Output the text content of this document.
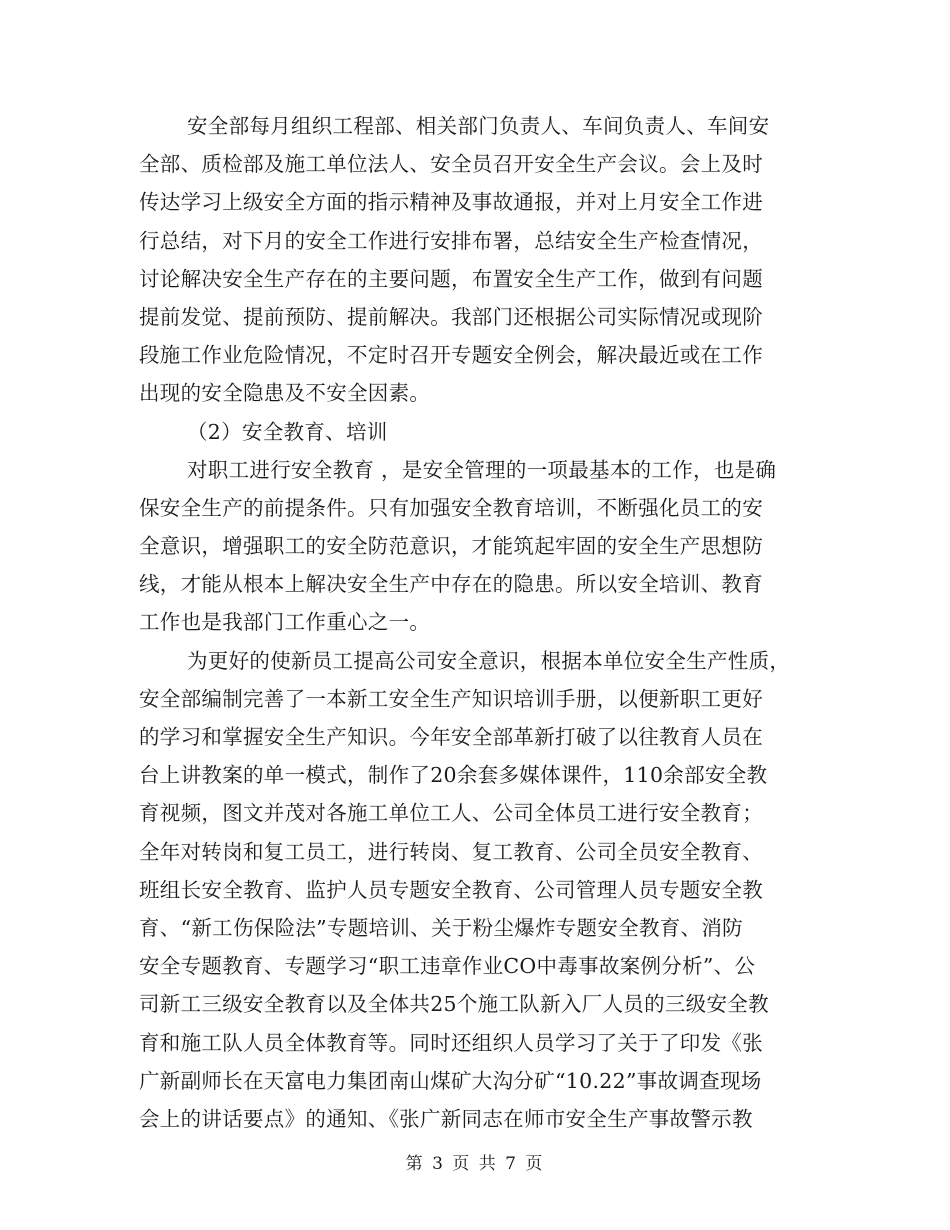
安全部每月组织工程部、相关部门负责人、车间负责人、车间安
全部、质检部及施工单位法人、安全员召开安全生产会议。会上及时
传达学习上级安全方面的指示精神及事故通报，并对上月安全工作进
行总结，对下月的安全工作进行安排布署，总结安全生产检查情况，
讨论解决安全生产存在的主要问题，布置安全生产工作，做到有问题
提前发觉、提前预防、提前解决。我部门还根据公司实际情况或现阶
段施工作业危险情况，不定时召开专题安全例会，解决最近或在工作
出现的安全隐患及不安全因素。
（2）安全教育、培训
对职工进行安全教育 ，是安全管理的一项最基本的工作，也是确
保安全生产的前提条件。只有加强安全教育培训，不断强化员工的安
全意识，增强职工的安全防范意识，才能筑起牢固的安全生产思想防
线，才能从根本上解决安全生产中存在的隐患。所以安全培训、教育
工作也是我部门工作重心之一。
为更好的使新员工提高公司安全意识，根据本单位安全生产性质，
安全部编制完善了一本新工安全生产知识培训手册，以便新职工更好
的学习和掌握安全生产知识。今年安全部革新打破了以往教育人员在
台上讲教案的单一模式，制作了20余套多媒体课件，110余部安全教
育视频，图文并茂对各施工单位工人、公司全体员工进行安全教育；
全年对转岗和复工员工，进行转岗、复工教育、公司全员安全教育、
班组长安全教育、监护人员专题安全教育、公司管理人员专题安全教
育、“新工伤保险法”专题培训、关于粉尘爆炸专题安全教育、消防
安全专题教育、专题学习“职工违章作业CO中毒事故案例分析”、公
司新工三级安全教育以及全体共25个施工队新入厂人员的三级安全教
育和施工队人员全体教育等。同时还组织人员学习了关于了印发《张
广新副师长在天富电力集团南山煤矿大沟分矿“10.22”事故调查现场
会上的讲话要点》的通知、《张广新同志在师市安全生产事故警示教
第 3 页 共 7 页
